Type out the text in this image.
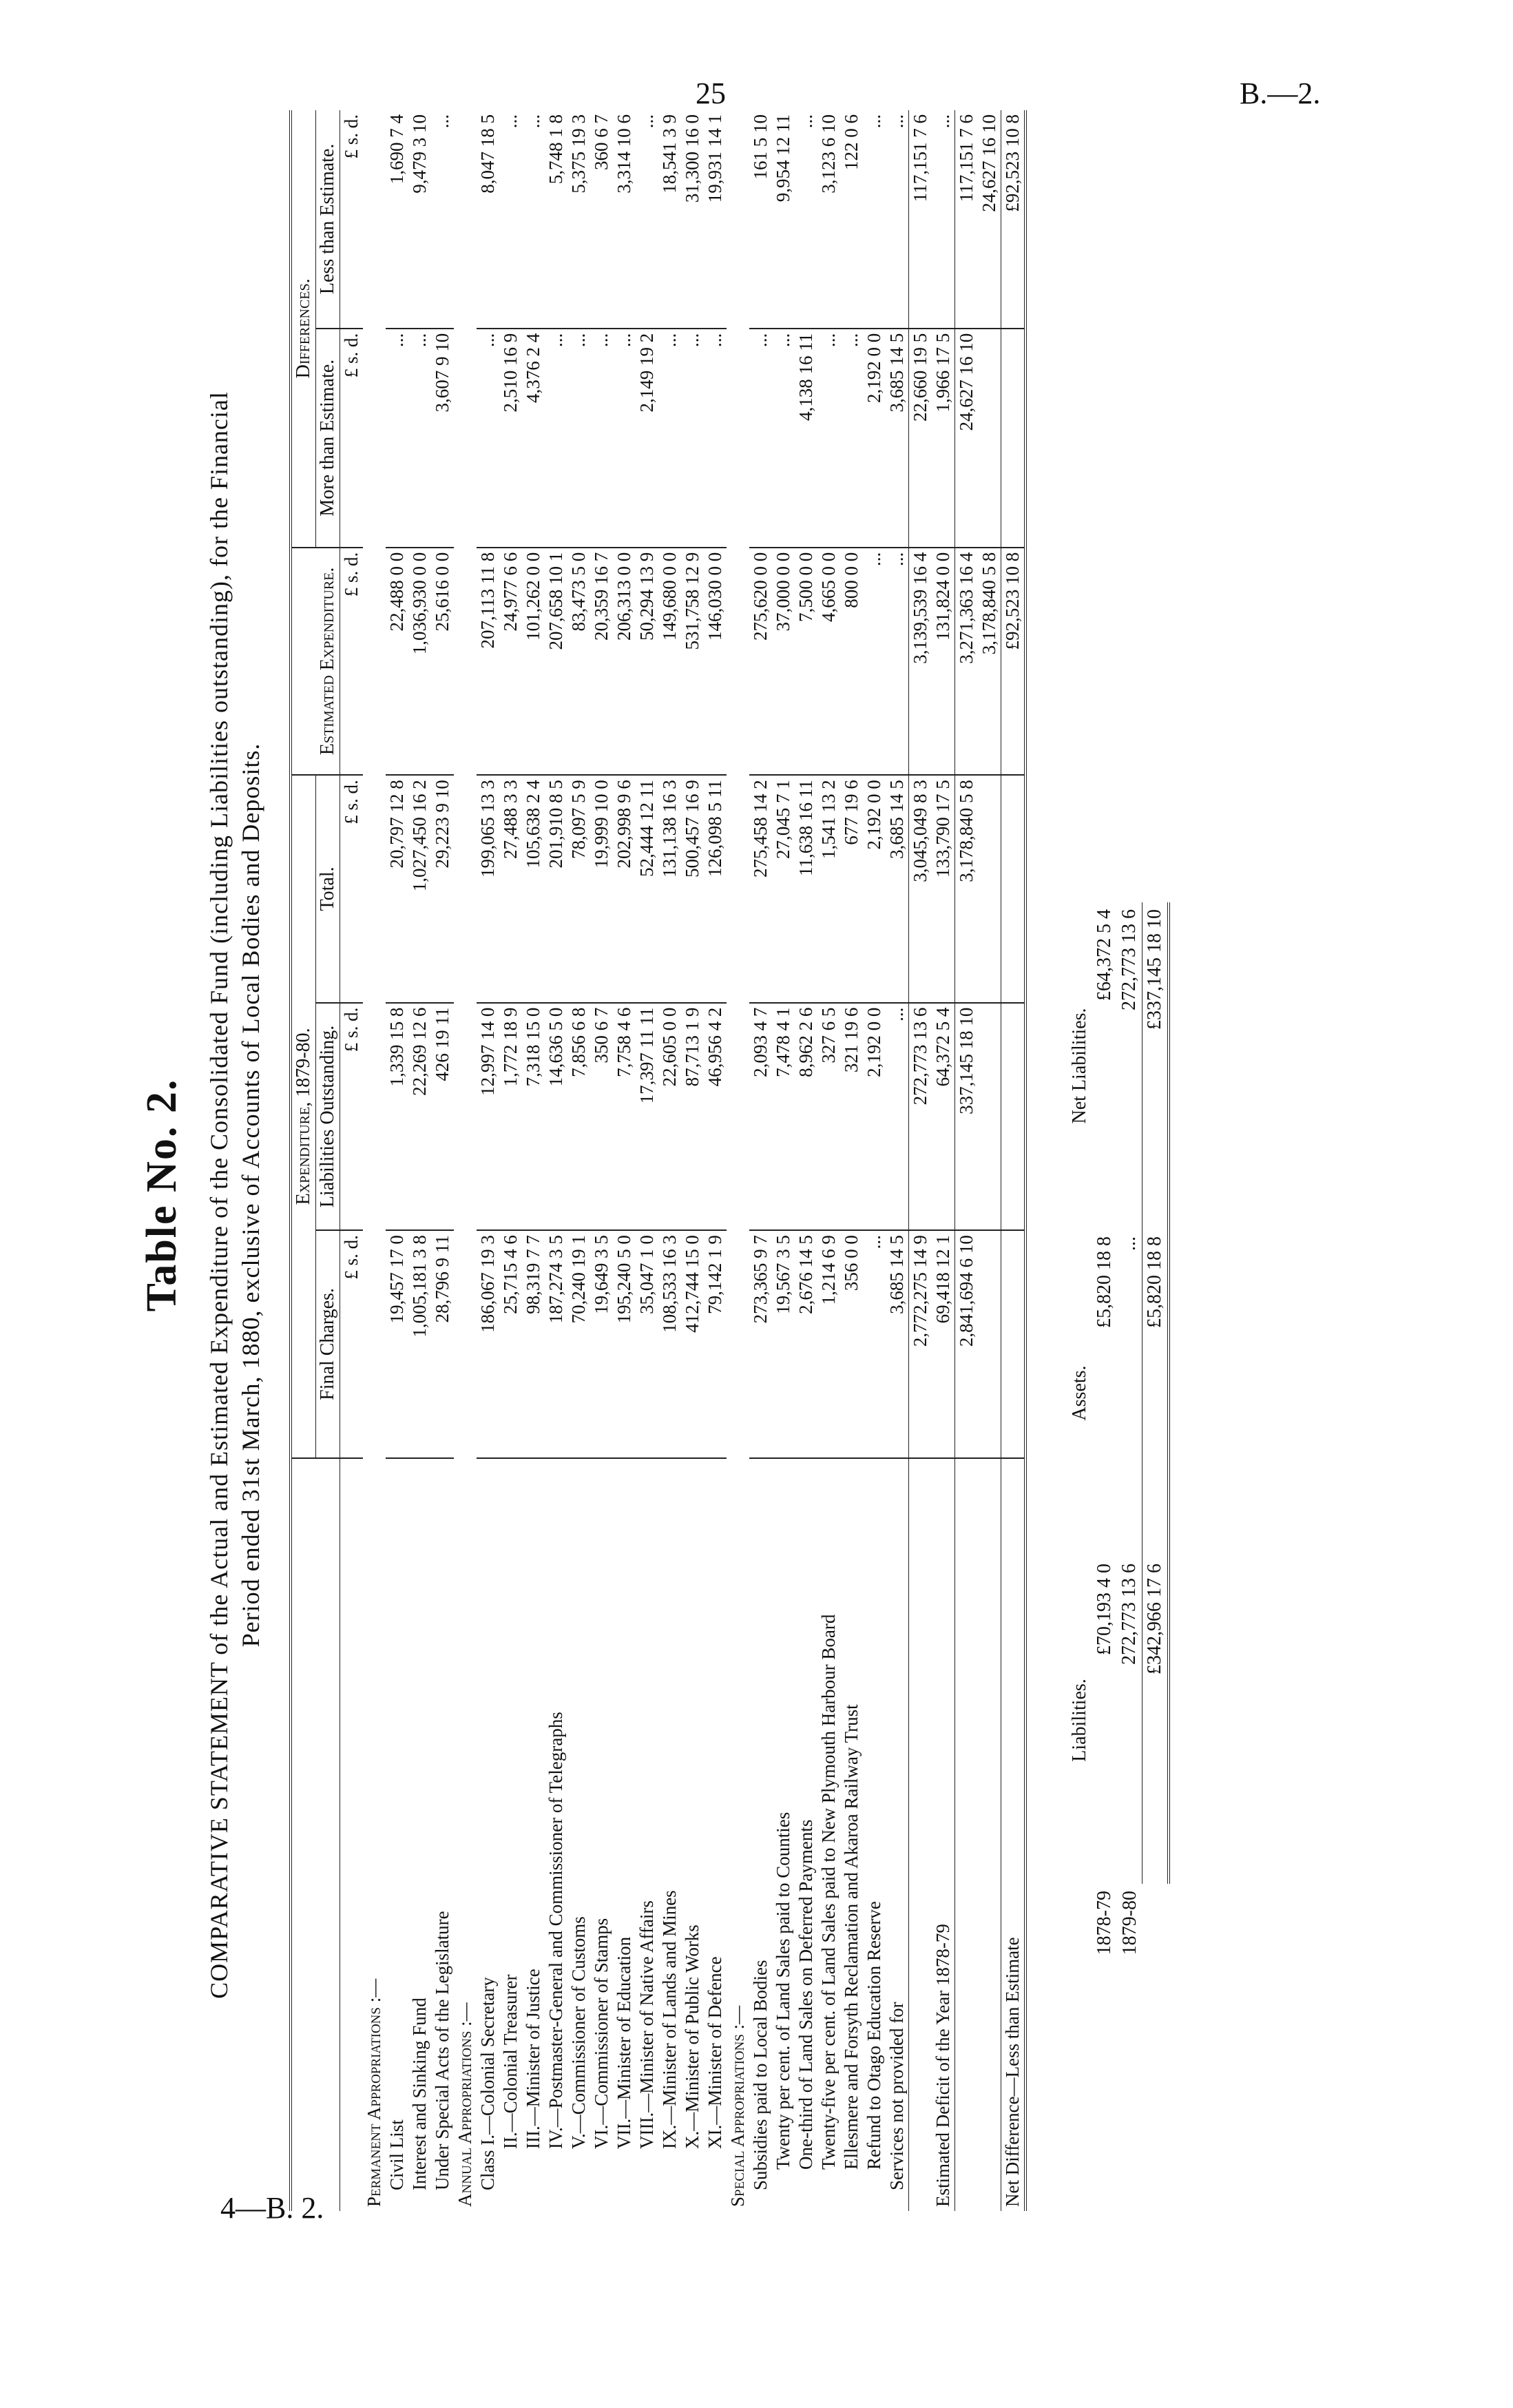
25	B.—2.
Table No. 2. COMPARATIVE STATEMENT of the Actual and Estimated Expenditure of the Consolidated Fund (including Liabilities outstanding), for the Financial Period ended 31st March, 1880, exclusive of Accounts of Local Bodies and Deposits.
	Expenditure, 1879-80.			Estimated Expenditure.	Differences.	
	Final Charges.	Liabilities Outstanding.	Total.		More than Estimate.	Less than Estimate.
	£ s. d.	£ s. d.	£ s. d.	£ s. d.	£ s. d.	£ s. d.
Permanent Appropriations :—						
Civil List	19,457 17 0	1,339 15 8	20,797 12 8	22,488 0 0	...	1,690 7 4
Interest and Sinking Fund	1,005,181 3 8	22,269 12 6	1,027,450 16 2	1,036,930 0 0	...	9,479 3 10
Under Special Acts of the Legislature	28,796 9 11	426 19 11	29,223 9 10	25,616 0 0	3,607 9 10	...
Annual Appropriations :—						
Class I.—Colonial Secretary	186,067 19 3	12,997 14 0	199,065 13 3	207,113 11 8	...	8,047 18 5
II.—Colonial Treasurer	25,715 4 6	1,772 18 9	27,488 3 3	24,977 6 6	2,510 16 9	...
III.—Minister of Justice	98,319 7 7	7,318 15 0	105,638 2 4	101,262 0 0	4,376 2 4	...
IV.—Postmaster-General and Commissioner of Telegraphs	187,274 3 5	14,636 5 0	201,910 8 5	207,658 10 1	...	5,748 1 8
V.—Commissioner of Customs	70,240 19 1	7,856 6 8	78,097 5 9	83,473 5 0	...	5,375 19 3
VI.—Commissioner of Stamps	19,649 3 5	350 6 7	19,999 10 0	20,359 16 7	...	360 6 7
VII.—Minister of Education	195,240 5 0	7,758 4 6	202,998 9 6	206,313 0 0	...	3,314 10 6
VIII.—Minister of Native Affairs	35,047 1 0	17,397 11 11	52,444 12 11	50,294 13 9	2,149 19 2	...
IX.—Minister of Lands and Mines	108,533 16 3	22,605 0 0	131,138 16 3	149,680 0 0	...	18,541 3 9
X.—Minister of Public Works	412,744 15 0	87,713 1 9	500,457 16 9	531,758 12 9	...	31,300 16 0
XI.—Minister of Defence	79,142 1 9	46,956 4 2	126,098 5 11	146,030 0 0	...	19,931 14 1
Special Appropriations :—						
Subsidies paid to Local Bodies	273,365 9 7	2,093 4 7	275,458 14 2	275,620 0 0	...	161 5 10
Twenty per cent. of Land Sales paid to Counties	19,567 3 5	7,478 4 1	27,045 7 1	37,000 0 0	...	9,954 12 11
One-third of Land Sales on Deferred Payments	2,676 14 5	8,962 2 6	11,638 16 11	7,500 0 0	4,138 16 11	...
Twenty-five per cent. of Land Sales paid to New Plymouth Harbour Board	1,214 6 9	327 6 5	1,541 13 2	4,665 0 0	...	3,123 6 10
Ellesmere and Forsyth Reclamation and Akaroa Railway Trust	356 0 0	321 19 6	677 19 6	800 0 0	...	122 0 6
Refund to Otago Education Reserve	...	2,192 0 0	2,192 0 0	...	2,192 0 0	...
Services not provided for	3,685 14 5	...	3,685 14 5	...	3,685 14 5	...
	2,772,275 14 9	272,773 13 6	3,045,049 8 3	3,139,539 16 4	22,660 19 5	117,151 7 6
Estimated Deficit of the Year 1878-79	69,418 12 1	64,372 5 4	133,790 17 5	131,824 0 0	1,966 17 5	...
	2,841,694 6 10	337,145 18 10	3,178,840 5 8	3,271,363 16 4	24,627 16 10	117,151 7 6
				3,178,840 5 8		24,627 16 10
Net Difference—Less than Estimate				£92,523 10 8		£92,523 10 8
	Liabilities.	Assets.	Net Liabilities.
1878-79	£70,193 4 0	£5,820 18 8	£64,372 5 4
1879-80	272,773 13 6	...	272,773 13 6
	£342,966 17 6	£5,820 18 8	£337,145 18 10
4—B. 2.
